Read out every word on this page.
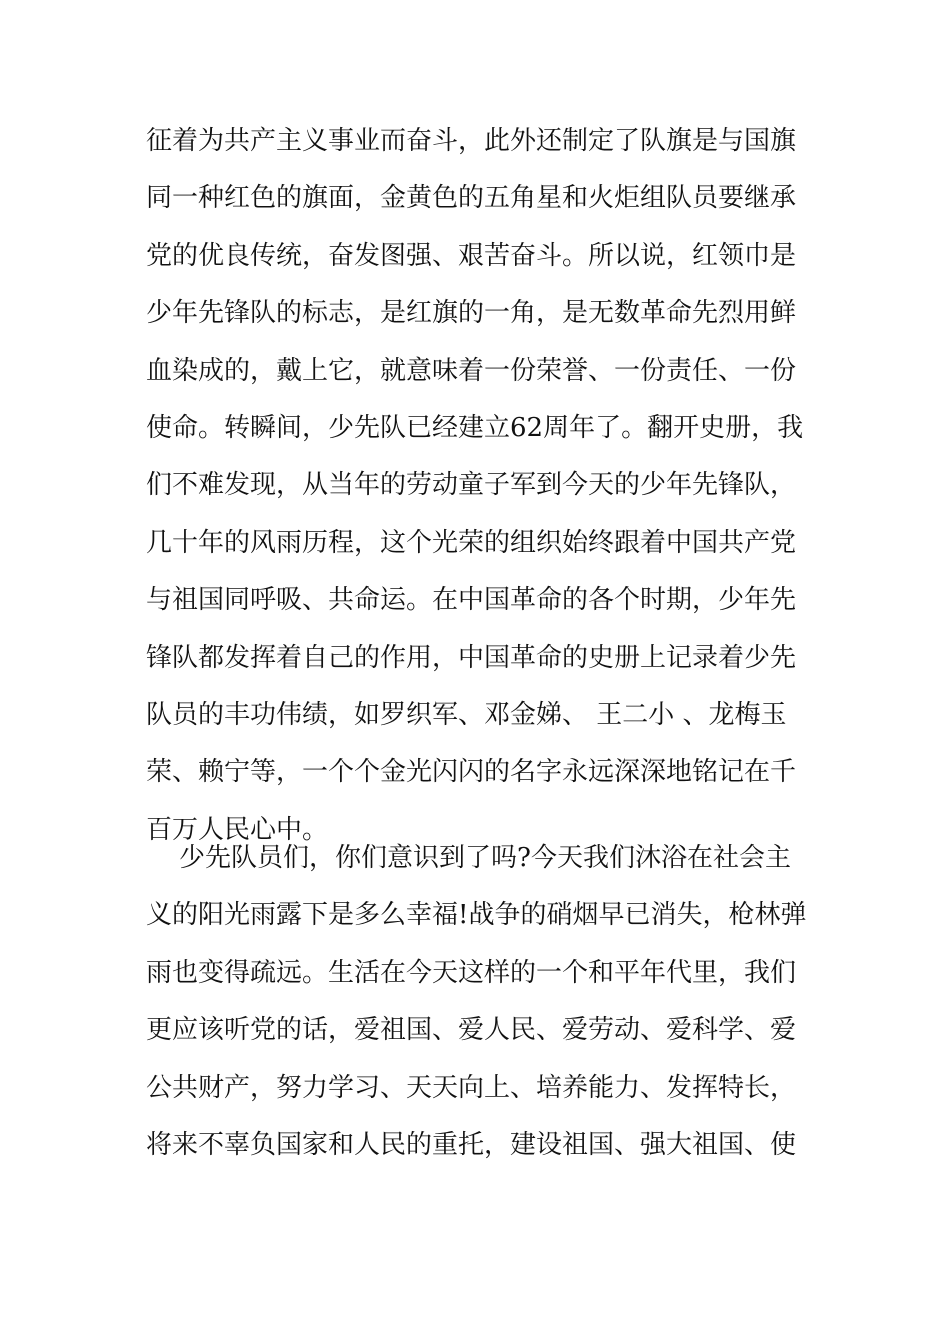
征着为共产主义事业而奋斗，此外还制定了队旗是与国旗
同一种红色的旗面，金黄色的五角星和火炬组队员要继承
党的优良传统，奋发图强、艰苦奋斗。所以说，红领巾是
少年先锋队的标志，是红旗的一角，是无数革命先烈用鲜
血染成的，戴上它，就意味着一份荣誉、一份责任、一份
使命。转瞬间，少先队已经建立62周年了。翻开史册，我
们不难发现，从当年的劳动童子军到今天的少年先锋队，
几十年的风雨历程，这个光荣的组织始终跟着中国共产党
与祖国同呼吸、共命运。在中国革命的各个时期，少年先
锋队都发挥着自己的作用，中国革命的史册上记录着少先
队员的丰功伟绩，如罗织军、邓金娣、 王二小 、龙梅玉
荣、赖宁等，一个个金光闪闪的名字永远深深地铭记在千
百万人民心中。
少先队员们，你们意识到了吗?今天我们沐浴在社会主
义的阳光雨露下是多么幸福!战争的硝烟早已消失，枪林弹
雨也变得疏远。生活在今天这样的一个和平年代里，我们
更应该听党的话，爱祖国、爱人民、爱劳动、爱科学、爱
公共财产，努力学习、天天向上、培养能力、发挥特长，
将来不辜负国家和人民的重托，建设祖国、强大祖国、使
